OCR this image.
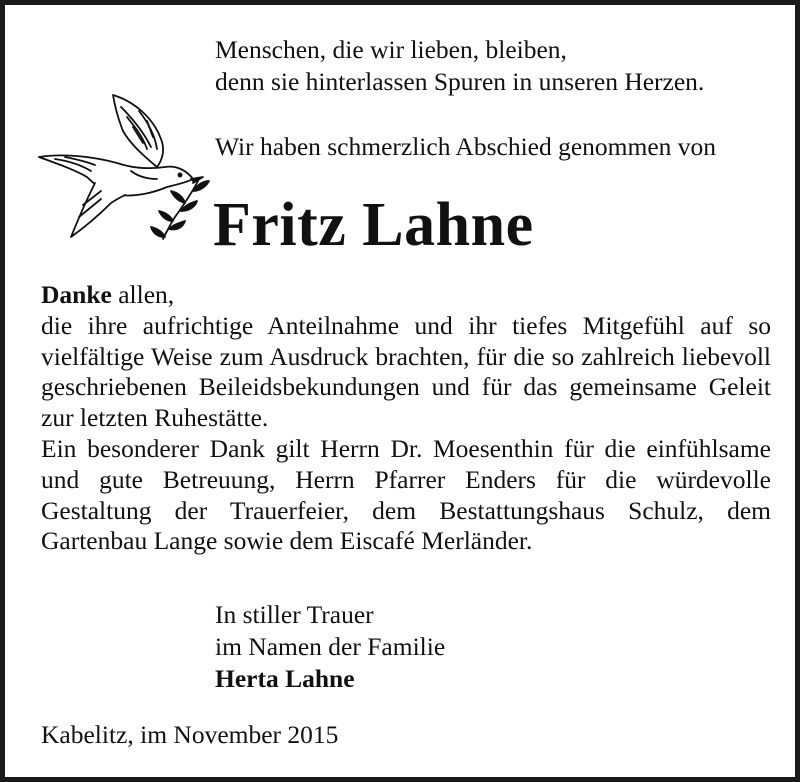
Menschen, die wir lieben, bleiben,
denn sie hinterlassen Spuren in unseren Herzen.
Wir haben schmerzlich Abschied genommen von
Fritz Lahne
Danke allen,
die ihre aufrichtige Anteilnahme und ihr tiefes Mitgefühl auf so vielfältige Weise zum Ausdruck brachten, für die so zahlreich liebevoll geschriebenen Beileidsbekundungen und für das gemeinsame Geleit zur letzten Ruhestätte.
Ein besonderer Dank gilt Herrn Dr. Moesenthin für die einfühlsame und gute Betreuung, Herrn Pfarrer Enders für die würdevolle Gestaltung der Trauerfeier, dem Bestattungshaus Schulz, dem Gartenbau Lange sowie dem Eiscafé Merländer.
In stiller Trauer
im Namen der Familie
Herta Lahne
Kabelitz, im November 2015
